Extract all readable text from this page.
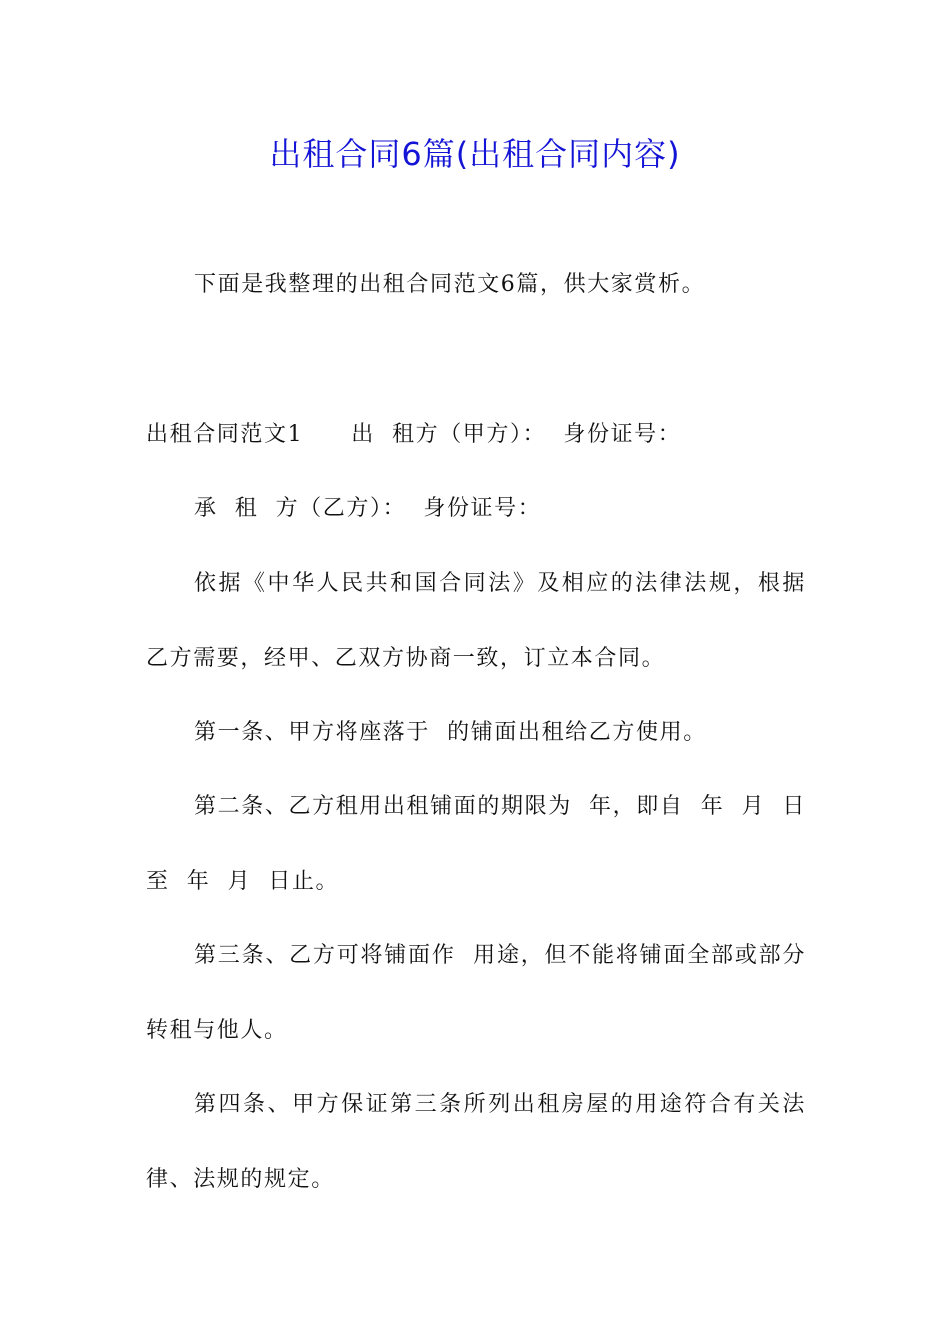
出租合同6篇(出租合同内容)
下面是我整理的出租合同范文6篇，供大家赏析。
出租合同范文1 出  租方（甲方）：  身份证号：
承  租  方（乙方）：  身份证号：
依据《中华人民共和国合同法》及相应的法律法规，根据
乙方需要，经甲、乙双方协商一致，订立本合同。
第一条、甲方将座落于  的铺面出租给乙方使用。
第二条、乙方租用出租铺面的期限为  年，即自  年  月  日
至  年  月  日止。
第三条、乙方可将铺面作  用途，但不能将铺面全部或部分
转租与他人。
第四条、甲方保证第三条所列出租房屋的用途符合有关法
律、法规的规定。
